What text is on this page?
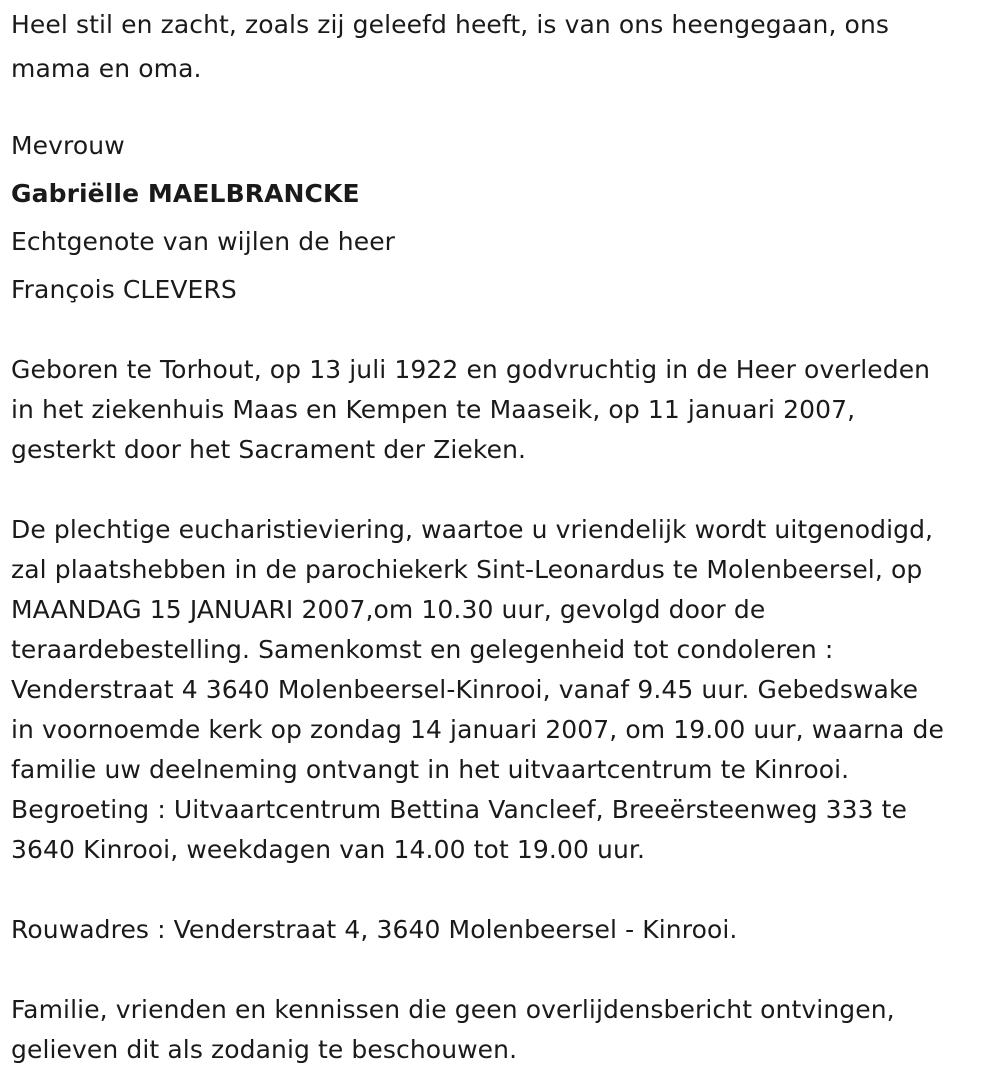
Heel stil en zacht, zoals zij geleefd heeft, is van ons heengegaan, ons
mama en oma.
Mevrouw
Gabriëlle MAELBRANCKE
Echtgenote van wijlen de heer
François CLEVERS
Geboren te Torhout, op 13 juli 1922 en godvruchtig in de Heer overleden
in het ziekenhuis Maas en Kempen te Maaseik, op 11 januari 2007,
gesterkt door het Sacrament der Zieken.
De plechtige eucharistieviering, waartoe u vriendelijk wordt uitgenodigd,
zal plaatshebben in de parochiekerk Sint-Leonardus te Molenbeersel, op
MAANDAG 15 JANUARI 2007,om 10.30 uur, gevolgd door de
teraardebestelling. Samenkomst en gelegenheid tot condoleren :
Venderstraat 4 3640 Molenbeersel-Kinrooi, vanaf 9.45 uur. Gebedswake
in voornoemde kerk op zondag 14 januari 2007, om 19.00 uur, waarna de
familie uw deelneming ontvangt in het uitvaartcentrum te Kinrooi.
Begroeting : Uitvaartcentrum Bettina Vancleef, Breeërsteenweg 333 te
3640 Kinrooi, weekdagen van 14.00 tot 19.00 uur.
Rouwadres : Venderstraat 4, 3640 Molenbeersel - Kinrooi.
Familie, vrienden en kennissen die geen overlijdensbericht ontvingen,
gelieven dit als zodanig te beschouwen.
